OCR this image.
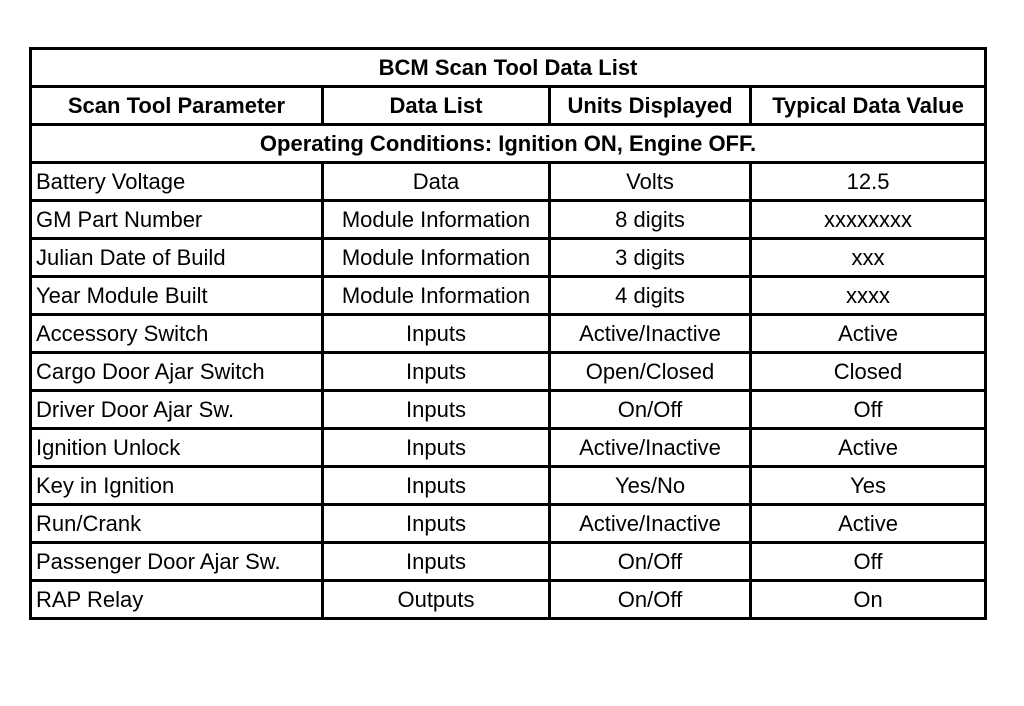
BCM Scan Tool Data List			
Scan Tool Parameter	Data List	Units Displayed	Typical Data Value
Operating Conditions: Ignition ON, Engine OFF.			
Battery Voltage	Data	Volts	12.5
GM Part Number	Module Information	8 digits	xxxxxxxx
Julian Date of Build	Module Information	3 digits	xxx
Year Module Built	Module Information	4 digits	xxxx
Accessory Switch	Inputs	Active/Inactive	Active
Cargo Door Ajar Switch	Inputs	Open/Closed	Closed
Driver Door Ajar Sw.	Inputs	On/Off	Off
Ignition Unlock	Inputs	Active/Inactive	Active
Key in Ignition	Inputs	Yes/No	Yes
Run/Crank	Inputs	Active/Inactive	Active
Passenger Door Ajar Sw.	Inputs	On/Off	Off
RAP Relay	Outputs	On/Off	On
